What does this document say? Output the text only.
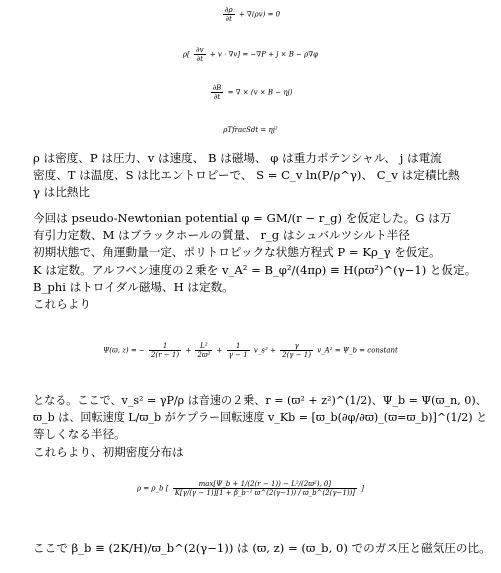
$\frac{\partial\rho}{\partial t} + \nabla(\rho v) = 0$
$\rho[ \frac{\partial v}{\partial t} + v \cdot \nabla v] = -\nabla P + j \times B - \rho\nabla\varphi$
$\frac{\partial B}{\partial t}$ = ∇ × (v × B − ηj)
ρTfracSdt = ηj²
ρ は密度、P は圧力、v は速度、 B は磁場、 φ は重力ポテンシャル、 j は電流
密度、T は温度、S は比エントロピーで、 S = C_v ln(P/ρ^γ)、 C_v は定積比熱
γ は比熱比
今回は pseudo-Newtonian potential φ = GM/(r − r_g) を仮定した。G は万
有引力定数、M はブラックホールの質量、 r_g はシュバルツシルト半径
初期状態で、角運動量一定、ポリトロピックな状態方程式 P = Kρ_γ を仮定。
K は定数。アルフベン速度の２乗を v_A² = B_φ²/(4πρ) ≡ H(ρϖ²)^(γ−1) と仮定。
B_phi はトロイダル磁場、H は定数。
これらより
Ψ(ϖ, z) = − $\frac{1}{2(r - 1)} + \frac{\text{L²}}{\text{2ϖ²}} + \frac{1}{\gamma - 1}$ v_s² + $\frac{\gamma}{2(\gamma - 1)}$ v_A² = Ψ_b = constant
となる。ここで、v_s² = γP/ρ は音速の２乗、r = (ϖ² + z²)^(1/2)、Ψ_b = Ψ(ϖ_n, 0)、
ϖ_b は、回転速度 L/ϖ_b がケプラー回転速度 v_Kb = [ϖ_b(∂φ/∂ϖ)_(ϖ=ϖ_b)]^(1/2) と
等しくなる半径。
これらより、初期密度分布は
ρ = ρ_b [ $\frac{\text{max[Ψ\_b + 1/(2(r − 1)) − L²/(2ϖ²), 0]}}{\text{K[γ/(γ − 1)][1 + β\_b⁻¹ ϖ\textasciicircum{}(2(γ−1)) / ϖ\_b\textasciicircum{}(2(γ−1))]}}$ ]
ここで β_b ≡ (2K/H)/ϖ_b^(2(γ−1)) は (ϖ, z) = (ϖ_b, 0) でのガス圧と磁気圧の比。
